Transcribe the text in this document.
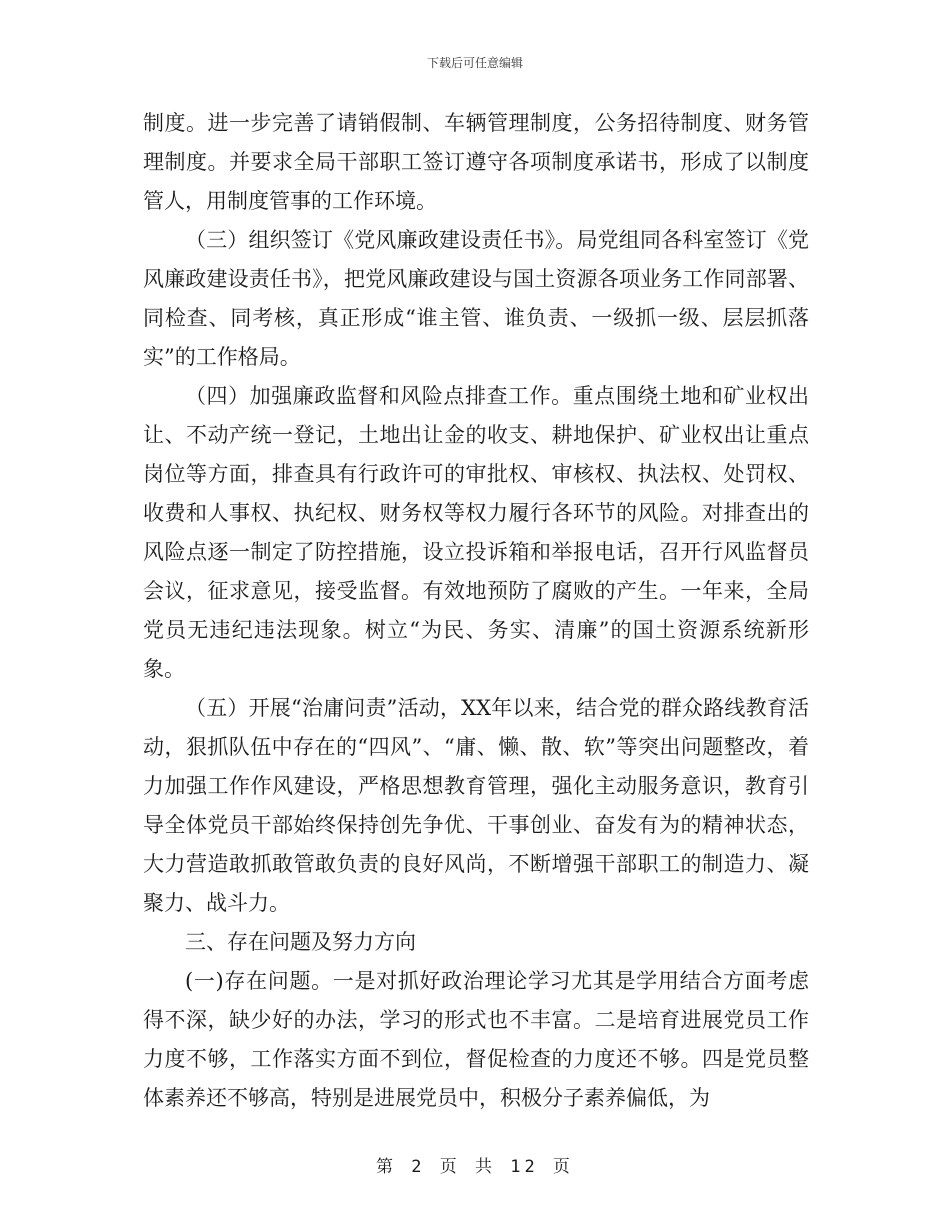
下载后可任意编辑

制度。进一步完善了请销假制、车辆管理制度，公务招待制度、财务管理制度。并要求全局干部职工签订遵守各项制度承诺书，形成了以制度管人，用制度管事的工作环境。

（三）组织签订《党风廉政建设责任书》。局党组同各科室签订《党风廉政建设责任书》，把党风廉政建设与国土资源各项业务工作同部署、同检查、同考核，真正形成“谁主管、谁负责、一级抓一级、层层抓落实”的工作格局。

（四）加强廉政监督和风险点排查工作。重点围绕土地和矿业权出让、不动产统一登记，土地出让金的收支、耕地保护、矿业权出让重点岗位等方面，排查具有行政许可的审批权、审核权、执法权、处罚权、收费和人事权、执纪权、财务权等权力履行各环节的风险。对排查出的风险点逐一制定了防控措施，设立投诉箱和举报电话，召开行风监督员会议，征求意见，接受监督。有效地预防了腐败的产生。一年来，全局党员无违纪违法现象。树立“为民、务实、清廉”的国土资源系统新形象。

（五）开展“治庸问责”活动，XX年以来，结合党的群众路线教育活动，狠抓队伍中存在的“四风”、“庸、懒、散、软”等突出问题整改，着力加强工作作风建设，严格思想教育管理，强化主动服务意识，教育引导全体党员干部始终保持创先争优、干事创业、奋发有为的精神状态，大力营造敢抓敢管敢负责的良好风尚，不断增强干部职工的制造力、凝聚力、战斗力。

三、存在问题及努力方向

(一)存在问题。一是对抓好政治理论学习尤其是学用结合方面考虑得不深，缺少好的办法，学习的形式也不丰富。二是培育进展党员工作力度不够，工作落实方面不到位，督促检查的力度还不够。四是党员整体素养还不够高，特别是进展党员中，积极分子素养偏低，为

第 2 页 共 12 页
